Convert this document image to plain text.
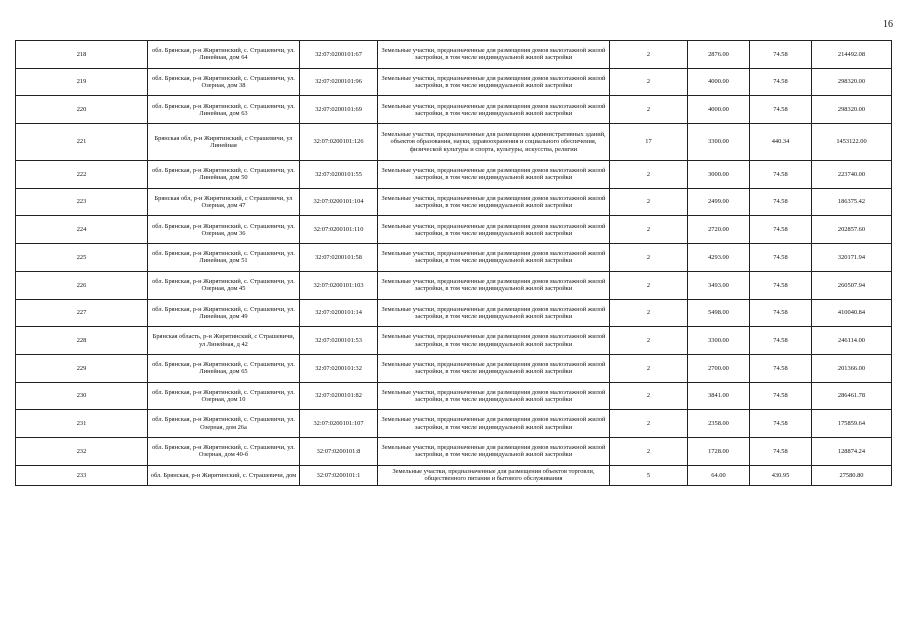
16
218	обл. Брянская, р-н Жирятинский, с. Страшевичи, ул. Линейная, дом 64	32:07:0200101:67	Земельные участки, предназначенные для размещения домов малоэтажной жилой застройки, в том числе индивидуальной жилой застройки	2	2876.00	74.58	214492.08
219	обл. Брянская, р-н Жирятинский, с. Страшевичи, ул. Озерная, дом 38	32:07:0200101:96	Земельные участки, предназначенные для размещения домов малоэтажной жилой застройки, в том числе индивидуальной жилой застройки	2	4000.00	74.58	298320.00
220	обл. Брянская, р-н Жирятинский, с. Страшевичи, ул. Линейная, дом 63	32:07:0200101:69	Земельные участки, предназначенные для размещения домов малоэтажной жилой застройки, в том числе индивидуальной жилой застройки	2	4000.00	74.58	298320.00
221	Брянская обл, р-н Жирятинский, с Страшевичи, ул Линейная	32:07:0200101:126	Земельные участки, предназначенные для размещения административных зданий, объектов образования, науки, здравоохранения и социального обеспечения, физической культуры и спорта, культуры, искусства, религии	17	3300.00	440.34	1453122.00
222	обл. Брянская, р-н Жирятинский, с. Страшевичи, ул. Линейная, дом 50	32:07:0200101:55	Земельные участки, предназначенные для размещения домов малоэтажной жилой застройки, в том числе индивидуальной жилой застройки	2	3000.00	74.58	223740.00
223	Брянская обл, р-н Жирятинский, с Страшевичи, ул Озерная, дом 47	32:07:0200101:104	Земельные участки, предназначенные для размещения домов малоэтажной жилой застройки, в том числе индивидуальной жилой застройки	2	2499.00	74.58	186375.42
224	обл. Брянская, р-н Жирятинский, с. Страшевичи, ул. Озерная, дом 36	32:07:0200101:110	Земельные участки, предназначенные для размещения домов малоэтажной жилой застройки, в том числе индивидуальной жилой застройки	2	2720.00	74.58	202857.60
225	обл. Брянская, р-н Жирятинский, с. Страшевичи, ул. Линейная, дом 51	32:07:0200101:58	Земельные участки, предназначенные для размещения домов малоэтажной жилой застройки, в том числе индивидуальной жилой застройки	2	4293.00	74.58	320171.94
226	обл. Брянская, р-н Жирятинский, с. Страшевичи, ул. Озерная, дом 45	32:07:0200101:103	Земельные участки, предназначенные для размещения домов малоэтажной жилой застройки, в том числе индивидуальной жилой застройки	2	3493.00	74.58	260507.94
227	обл. Брянская, р-н Жирятинский, с. Страшевичи, ул. Линейная, дом 49	32:07:0200101:14	Земельные участки, предназначенные для размещения домов малоэтажной жилой застройки, в том числе индивидуальной жилой застройки	2	5498.00	74.58	410040.84
228	Брянская область, р-н Жирятинский, с Страшевичи, ул Линейная, д 42	32:07:0200101:53	Земельные участки, предназначенные для размещения домов малоэтажной жилой застройки, в том числе индивидуальной жилой застройки	2	3300.00	74.58	246114.00
229	обл. Брянская, р-н Жирятинский, с. Страшевичи, ул. Линейная, дом 65	32:07:0200101:32	Земельные участки, предназначенные для размещения домов малоэтажной жилой застройки, в том числе индивидуальной жилой застройки	2	2700.00	74.58	201366.00
230	обл. Брянская, р-н Жирятинский, с. Страшевичи, ул. Озерная, дом 10	32:07:0200101:82	Земельные участки, предназначенные для размещения домов малоэтажной жилой застройки, в том числе индивидуальной жилой застройки	2	3841.00	74.58	286461.78
231	обл. Брянская, р-н Жирятинский, с. Страшевичи, ул. Озерная, дом 26а	32:07:0200101:107	Земельные участки, предназначенные для размещения домов малоэтажной жилой застройки, в том числе индивидуальной жилой застройки	2	2358.00	74.58	175859.64
232	обл. Брянская, р-н Жирятинский, с. Страшевичи, ул. Озерная, дом 40-б	32:07:0200101:8	Земельные участки, предназначенные для размещения домов малоэтажной жилой застройки, в том числе индивидуальной жилой застройки	2	1728.00	74.58	128874.24
233	обл. Брянская, р-н Жирятинский, с. Страшевичи, дом	32:07:0200101:1	Земельные участки, предназначенные для размещения объектов торговли, общественного питания и бытового обслуживания	5	64.00	430.95	27580.80
